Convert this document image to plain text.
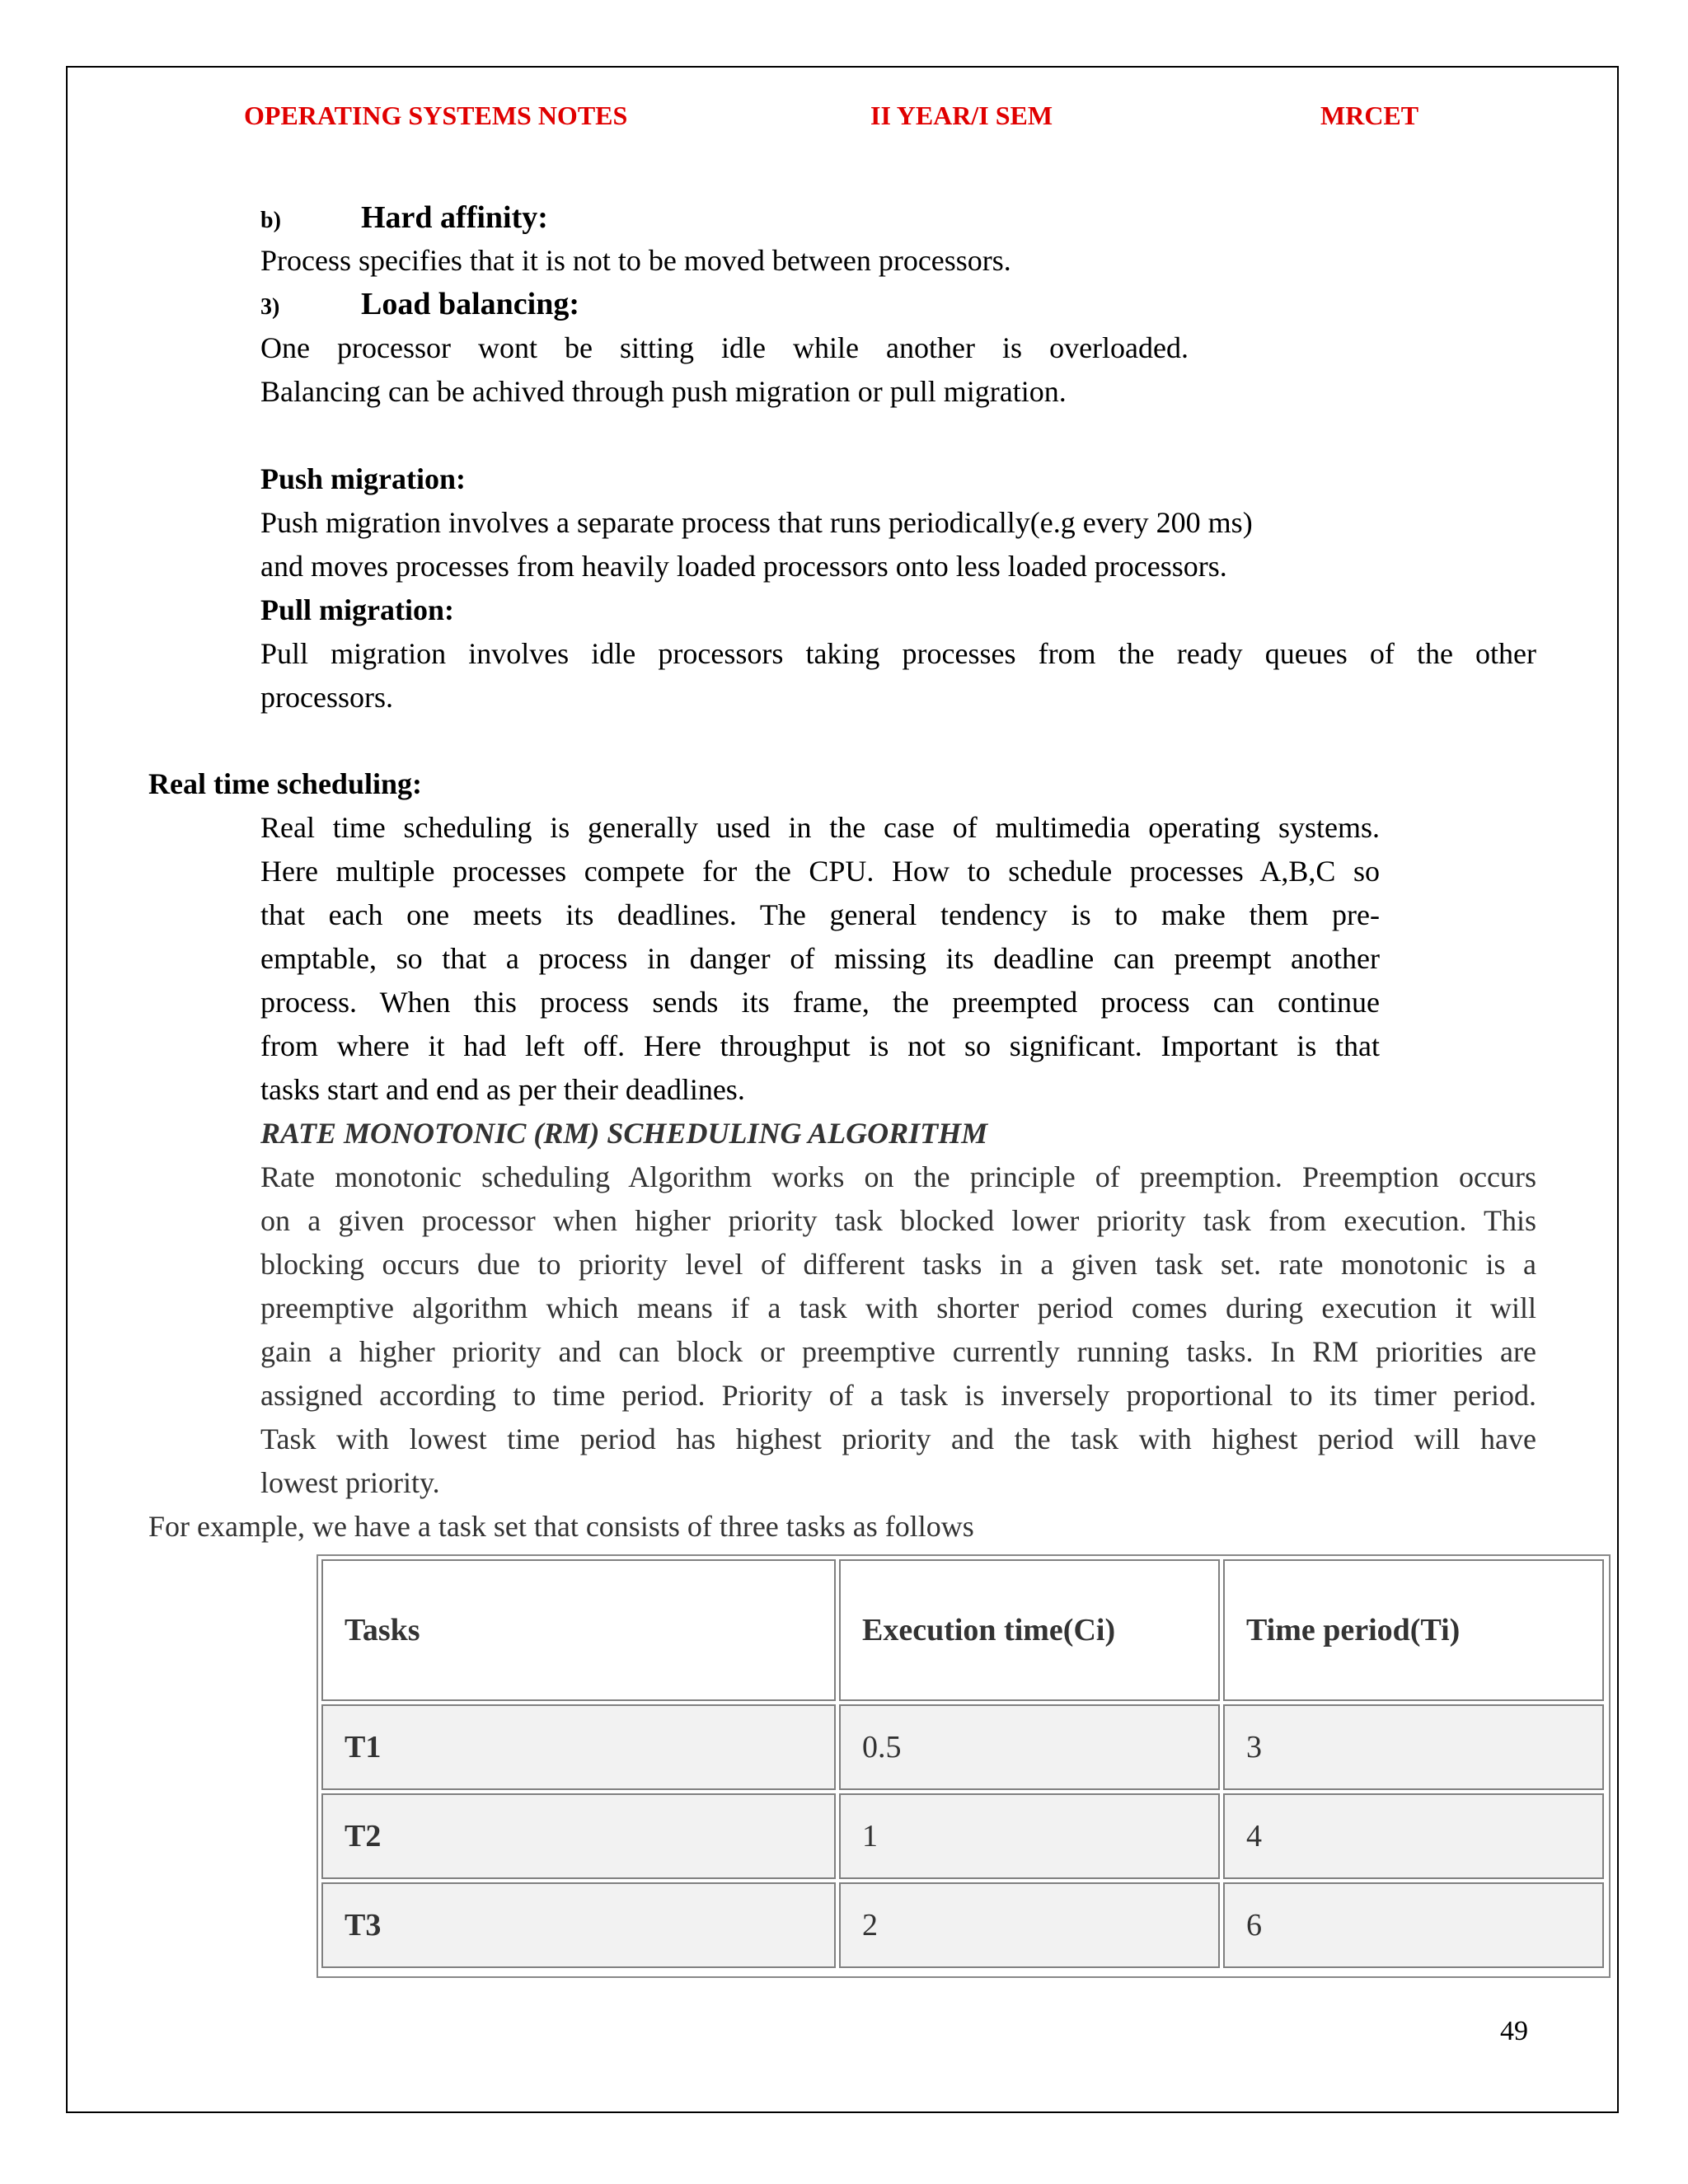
OPERATING SYSTEMS NOTES	II YEAR/I SEM	MRCET
b)	Hard affinity:
Process specifies that it is not to be moved between processors.
3)	Load balancing:
One processor wont be sitting idle while another is overloaded.
Balancing can be achived through push migration or pull migration.
Push migration:
Push migration involves a separate process that runs periodically(e.g every 200 ms)
and moves processes from heavily loaded processors onto less loaded processors.
Pull migration:
Pull migration involves idle processors taking processes from the ready queues of the other
processors.
Real time scheduling:
Real time scheduling is generally used in the case of multimedia operating systems.
Here multiple processes compete for the CPU. How to schedule processes A,B,C so
that each one meets its deadlines. The general tendency is to make them pre-
emptable, so that a process in danger of missing its deadline can preempt another
process. When this process sends its frame, the preempted process can continue
from where it had left off. Here throughput is not so significant. Important is that
tasks start and end as per their deadlines.
RATE MONOTONIC (RM) SCHEDULING ALGORITHM
Rate monotonic scheduling Algorithm works on the principle of preemption. Preemption occurs
on a given processor when higher priority task blocked lower priority task from execution. This
blocking occurs due to priority level of different tasks in a given task set. rate monotonic is a
preemptive algorithm which means if a task with shorter period comes during execution it will
gain a higher priority and can block or preemptive currently running tasks. In RM priorities are
assigned according to time period. Priority of a task is inversely proportional to its timer period.
Task with lowest time period has highest priority and the task with highest period will have
lowest priority.
For example, we have a task set that consists of three tasks as follows
Tasks	Execution time(Ci)	Time period(Ti)
T1	0.5	3
T2	1	4
T3	2	6
49
